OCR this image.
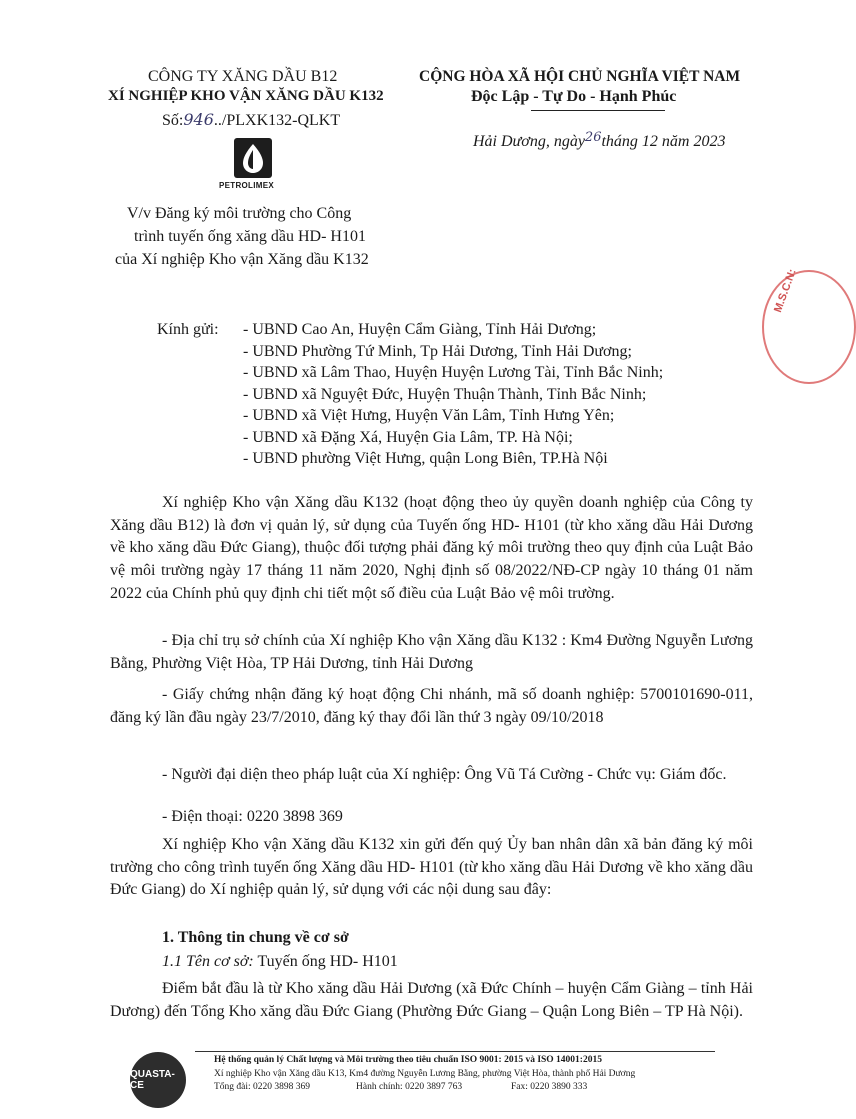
CÔNG TY XĂNG DẦU B12
XÍ NGHIỆP KHO VẬN XĂNG DẦU K132
Số:946../PLXK132-QLKT
PETROLIMEX
CỘNG HÒA XÃ HỘI CHỦ NGHĨA VIỆT NAM
Độc Lập - Tự Do - Hạnh Phúc
Hải Dương, ngày$^{26}$tháng 12 năm 2023
V/v Đăng ký môi trường cho Công
trình tuyến ống xăng dầu HD- H101
của Xí nghiệp Kho vận Xăng dầu K132
Kính gửi: - UBND Cao An, Huyện Cẩm Giàng, Tỉnh Hải Dương;
- UBND Phường Tứ Minh, Tp Hải Dương, Tỉnh Hải Dương;
- UBND xã Lâm Thao, Huyện Huyện Lương Tài, Tỉnh Bắc Ninh;
- UBND xã Nguyệt Đức, Huyện Thuận Thành, Tỉnh Bắc Ninh;
- UBND xã Việt Hưng, Huyện Văn Lâm, Tỉnh Hưng Yên;
- UBND xã Đặng Xá, Huyện Gia Lâm, TP. Hà Nội;
- UBND phường Việt Hưng, quận Long Biên, TP.Hà Nội
Xí nghiệp Kho vận Xăng dầu K132 (hoạt động theo ủy quyền doanh nghiệp của Công ty Xăng dầu B12) là đơn vị quản lý, sử dụng của Tuyến ống HD- H101 (từ kho xăng dầu Hải Dương về kho xăng dầu Đức Giang), thuộc đối tượng phải đăng ký môi trường theo quy định của Luật Bảo vệ môi trường ngày 17 tháng 11 năm 2020, Nghị định số 08/2022/NĐ-CP ngày 10 tháng 01 năm 2022 của Chính phủ quy định chi tiết một số điều của Luật Bảo vệ môi trường.
- Địa chỉ trụ sở chính của Xí nghiệp Kho vận Xăng dầu K132 : Km4 Đường Nguyễn Lương Bằng, Phường Việt Hòa, TP Hải Dương, tỉnh Hải Dương
- Giấy chứng nhận đăng ký hoạt động Chi nhánh, mã số doanh nghiệp: 5700101690-011, đăng ký lần đầu ngày 23/7/2010, đăng ký thay đổi lần thứ 3 ngày 09/10/2018
- Người đại diện theo pháp luật của Xí nghiệp: Ông Vũ Tá Cường - Chức vụ: Giám đốc.
- Điện thoại: 0220 3898 369
Xí nghiệp Kho vận Xăng dầu K132 xin gửi đến quý Ủy ban nhân dân xã bản đăng ký môi trường cho công trình tuyến ống Xăng dầu HD- H101 (từ kho xăng dầu Hải Dương về kho xăng dầu Đức Giang) do Xí nghiệp quản lý, sử dụng với các nội dung sau đây:
1. Thông tin chung về cơ sở
1.1 Tên cơ sở: Tuyến ống HD- H101
Điểm bắt đầu là từ Kho xăng dầu Hải Dương (xã Đức Chính – huyện Cẩm Giàng – tỉnh Hải Dương) đến Tổng Kho xăng dầu Đức Giang (Phường Đức Giang – Quận Long Biên – TP Hà Nội).
M.S.C.N:
QUASTA-CE
Hệ thống quản lý Chất lượng và Môi trường theo tiêu chuẩn ISO 9001: 2015 và ISO 14001:2015
Xí nghiệp Kho vận Xăng dầu K13, Km4 đường Nguyễn Lương Bằng, phường Việt Hòa, thành phố Hải Dương
Tổng đài: 0220 3898 369	Hành chính: 0220 3897 763	Fax: 0220 3890 333
